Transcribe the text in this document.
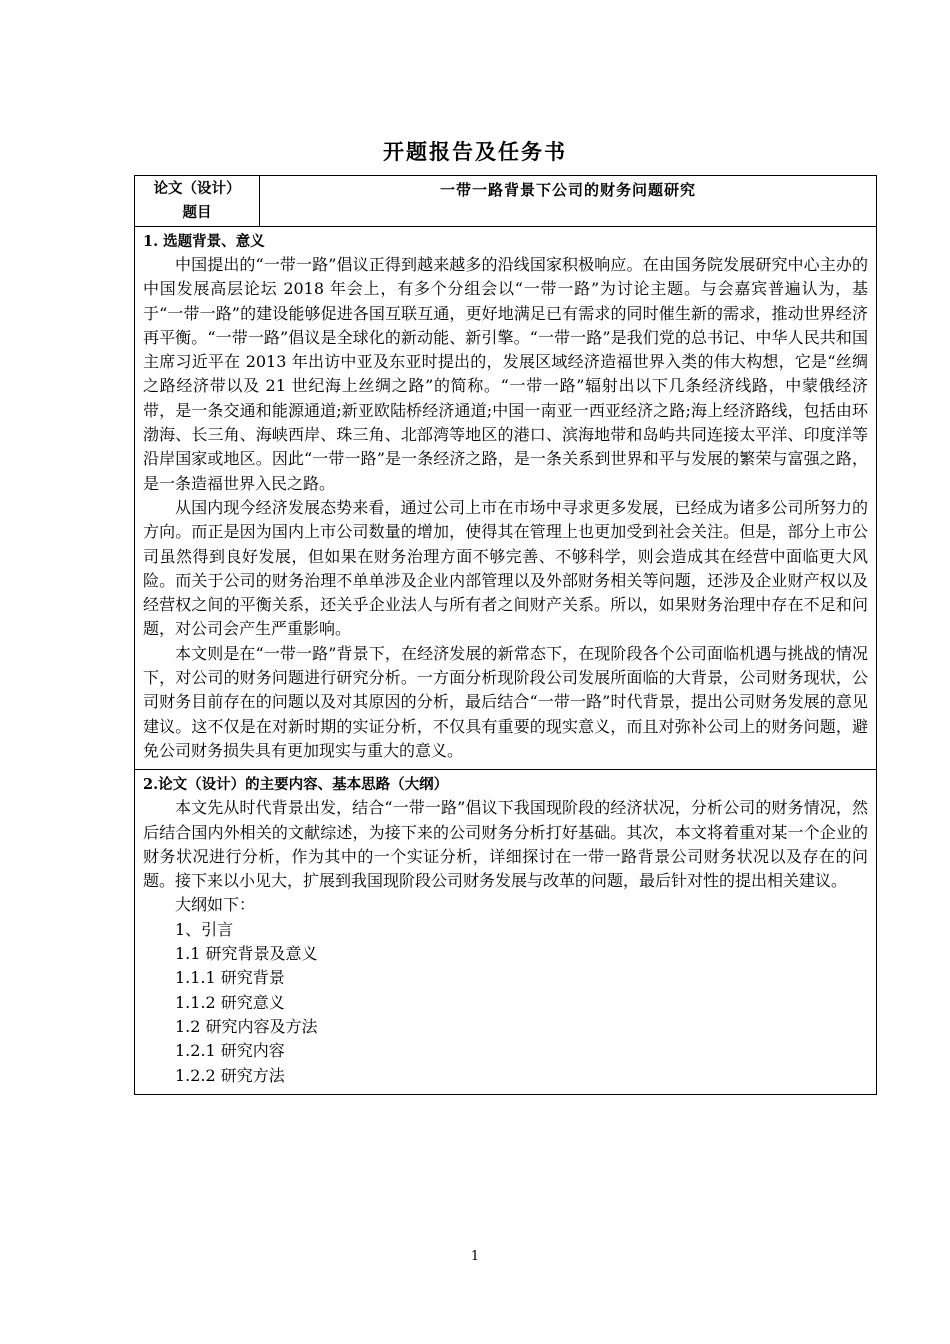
开题报告及任务书
论文（设计）
题目
	一带一路背景下公司的财务问题研究

1. 选题背景、意义

中国提出的“一带一路”倡议正得到越来越多的沿线国家积极响应。在由国务院发展研究中心主办的中国发展高层论坛 2018 年会上，有多个分组会以“一带一路”为讨论主题。与会嘉宾普遍认为，基于“一带一路”的建设能够促进各国互联互通，更好地满足已有需求的同时催生新的需求，推动世界经济再平衡。“一带一路”倡议是全球化的新动能、新引擎。“一带一路”是我们党的总书记、中华人民共和国主席习近平在 2013 年出访中亚及东亚时提出的，发展区域经济造福世界入类的伟大构想，它是“丝绸之路经济带以及 21 世纪海上丝绸之路”的简称。“一带一路”辐射出以下几条经济线路，中蒙俄经济带，是一条交通和能源通道;新亚欧陆桥经济通道;中国一南亚一西亚经济之路;海上经济路线，包括由环渤海、长三角、海峡西岸、珠三角、北部湾等地区的港口、滨海地带和岛屿共同连接太平洋、印度洋等沿岸国家或地区。因此“一带一路”是一条经济之路，是一条关系到世界和平与发展的繁荣与富强之路，是一条造福世界入民之路。

从国内现今经济发展态势来看，通过公司上市在市场中寻求更多发展，已经成为诸多公司所努力的方向。而正是因为国内上市公司数量的增加，使得其在管理上也更加受到社会关注。但是，部分上市公司虽然得到良好发展，但如果在财务治理方面不够完善、不够科学，则会造成其在经营中面临更大风险。而关于公司的财务治理不单单涉及企业内部管理以及外部财务相关等问题，还涉及企业财产权以及经营权之间的平衡关系，还关乎企业法人与所有者之间财产关系。所以，如果财务治理中存在不足和问题，对公司会产生严重影响。

本文则是在“一带一路”背景下，在经济发展的新常态下，在现阶段各个公司面临机遇与挑战的情况下，对公司的财务问题进行研究分析。一方面分析现阶段公司发展所面临的大背景，公司财务现状，公司财务目前存在的问题以及对其原因的分析，最后结合“一带一路”时代背景，提出公司财务发展的意见建议。这不仅是在对新时期的实证分析，不仅具有重要的现实意义，而且对弥补公司上的财务问题，避免公司财务损失具有更加现实与重大的意义。

2.论文（设计）的主要内容、基本思路（大纲）

本文先从时代背景出发，结合“一带一路”倡议下我国现阶段的经济状况，分析公司的财务情况，然后结合国内外相关的文献综述，为接下来的公司财务分析打好基础。其次，本文将着重对某一个企业的财务状况进行分析，作为其中的一个实证分析，详细探讨在一带一路背景公司财务状况以及存在的问题。接下来以小见大，扩展到我国现阶段公司财务发展与改革的问题，最后针对性的提出相关建议。

大纲如下：

1、引言

1.1 研究背景及意义

1.1.1 研究背景

1.1.2 研究意义

1.2 研究内容及方法

1.2.1 研究内容

1.2.2 研究方法

1
